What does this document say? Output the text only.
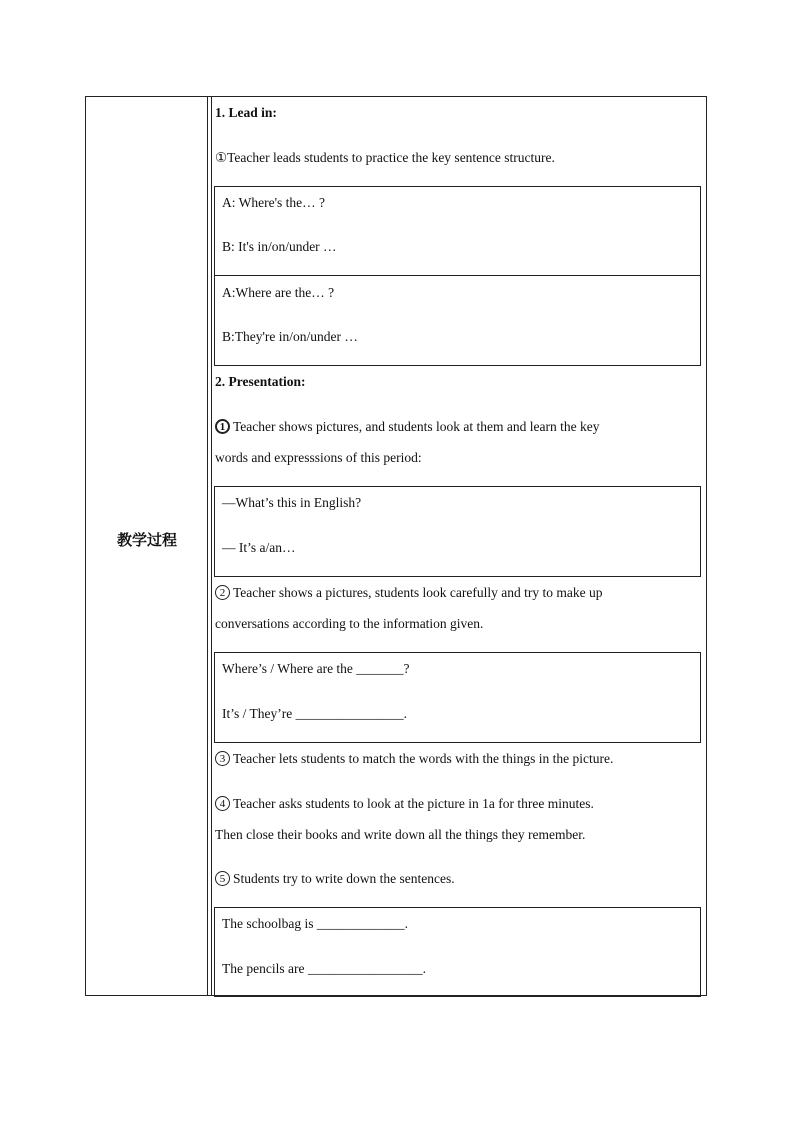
教学过程
1. Lead in:
①Teacher leads students to practice the key sentence structure.
A: Where's the… ?
B: It's in/on/under …
A:Where are the… ?
B:They're in/on/under …
2. Presentation:
1 Teacher shows pictures, and students look at them and learn the key
words and expresssions of this period:
—What’s this in English?
— It’s a/an…
2 Teacher shows a pictures, students look carefully and try to make up
conversations according to the information given.
Where’s / Where are the _______?
It’s / They’re ________________.
3 Teacher lets students to match the words with the things in the picture.
4 Teacher asks students to look at the picture in 1a for three minutes.
Then close their books and write down all the things they remember.
5 Students try to write down the sentences.
The schoolbag is _____________.
The pencils are _________________.
